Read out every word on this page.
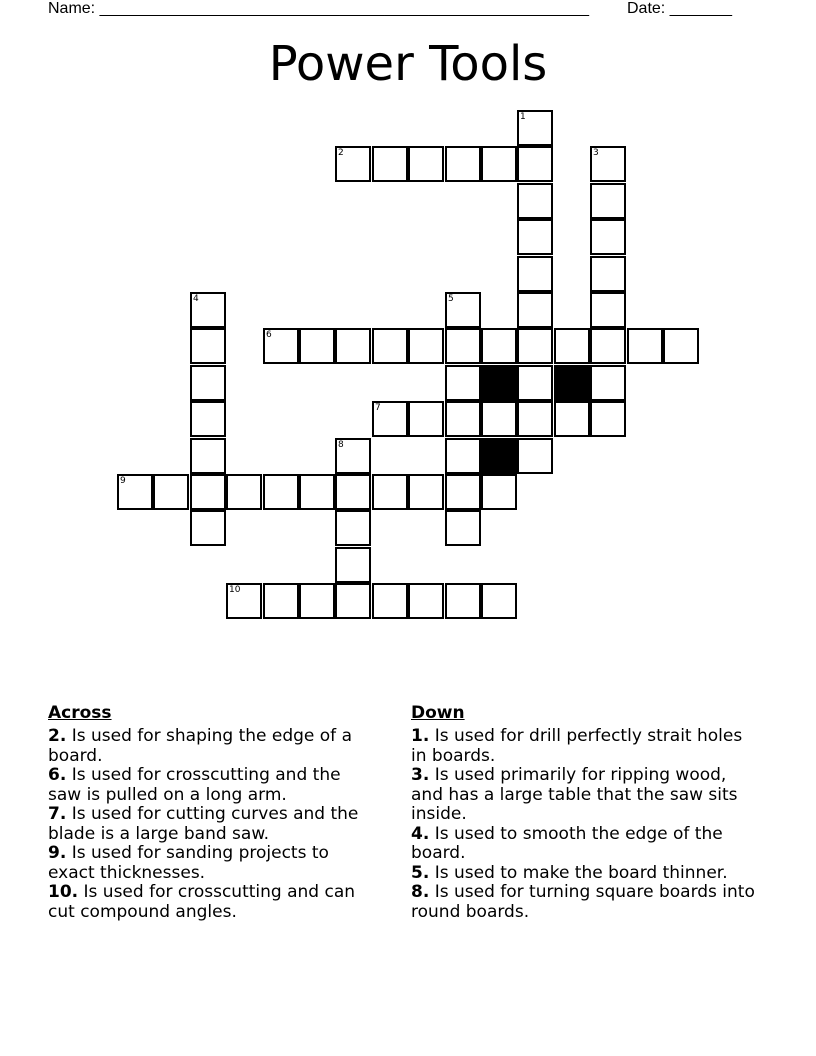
Name: _______________________________________________________ Date: _______
Power Tools
1
2	3
4	5
6
7
8
9
10
Across

2. Is used for shaping the edge of a board.

6. Is used for crosscutting and the saw is pulled on a long arm.

7. Is used for cutting curves and the blade is a large band saw.

9. Is used for sanding projects to exact thicknesses.

10. Is used for crosscutting and can cut compound angles.

Down

1. Is used for drill perfectly strait holes in boards.

3. Is used primarily for ripping wood, and has a large table that the saw sits inside.

4. Is used to smooth the edge of the board.

5. Is used to make the board thinner.

8. Is used for turning square boards into round boards.
